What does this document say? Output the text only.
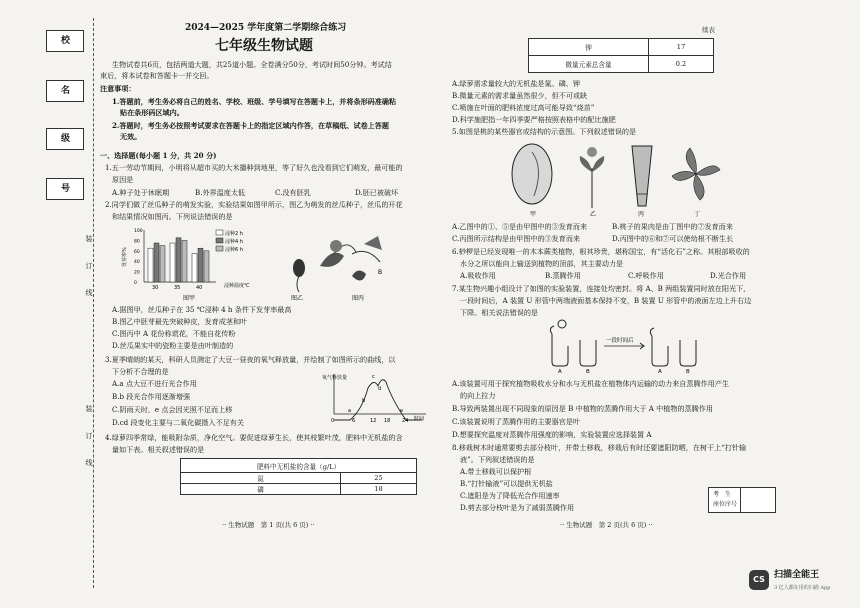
校
名
级
号
装
订
线
装
订
线
2024—2025 学年度第二学期综合练习
七年级生物试题
生物试卷共6页，包括两道大题，共25道小题。全卷满分50分，考试时间50分钟。考试结
束后，将本试卷和答题卡一并交回。
注意事项：
1.答题前，考生务必将自己的姓名、学校、班级、学号填写在答题卡上，并将条形码准确粘
贴在条形码区域内。
2.答题时，考生务必按照考试要求在答题卡上的指定区域内作答，在草稿纸、试卷上答题
无效。
一、选择题(每小题 1 分，共 20 分)
1.五一劳动节期间，小明将从超市买的大米播种到地里，等了好久也没看到它们萌发，最可能的
原因是
A.种子处于休眠期	B.外界温度太低	C.没有胚乳	D.胚已被破坏
2.同学们做了丝瓜种子的萌发实验，实验结果如图甲所示，图乙为萌发的丝瓜种子，丝瓜的开花
和结果情况如图丙。下列说法错误的是
100
80
60
40
20
0
30	35	40
发芽率%
浸种温度℃
浸种2 h
浸种4 h
浸种6 h
图甲	图乙
B
图丙
A.据图甲，丝瓜种子在 35 ℃浸种 4 h 条件下发芽率最高
B.图乙中胚芽最先突破种皮，发育成茎和叶
C.图丙中 A 花份称谎花，不能自花传粉
D.丝瓜果实中的瓷粉主要是由叶制造的
3.夏季晴朗的某天，科研人员测定了大豆一昼夜的氧气释放量，并绘制了如图所示的曲线，以
下分析不合理的是
A.a 点大豆不进行光合作用
B.b 段光合作用逐渐增强
C.阴雨天时，e 点会因光照不足而上移
D.cd 段变化主要与二氧化碳摄入不足有关
氧气释放量
0	6	12 18 24 时间
a
b
c
d
e
4.绿萝四季常绿，能吸附杂质，净化空气。要促进绿萝生长，使其枝繁叶茂，肥料中无机盐的含
量如下表。相关叙述错误的是
肥料中无机盐的含量（g/L）	
氮	25
磷	18
·· 生物试题　第 1 页(共 6 页) ··
续表
钾	17
微量元素总含量	0.2
A.绿萝需求量较大的无机盐是氮、磷、钾
B.微量元素的需求量虽然很少，但不可或缺
C.喷施在叶面的肥料浓度过高可能导致“烧苗”
D.科学施肥指一年四季要严格按照表格中的配比施肥
5.如图是桃的某些器官或结构的示意图。下列叙述错误的是
甲	乙	丙	丁
A.乙图中的①、⑤是由甲图中的③发育而来	B.桃子的果肉是由丁图中的⑦发育而来
C.丙图所示结构是由甲图中的③发育而来	D.丙图中的⑥和⑦可以使幼根不断生长
6.桫椤是已经发现唯一的木本蕨类植物，根其珍贵，堪称国宝，有“活化石”之称。其根部吸收的
水分之所以能向上输送到植物的顶部，其主要动力是
A.吸收作用	B.蒸腾作用	C.呼吸作用	D.光合作用
7.某生物兴趣小组设计了如图的实验装置，连接处均密封。将 A、B 两组装置同时放在阳光下，
一段时间后，A 装置 U 形管中两端液面基本保持不变，B 装置 U 形管中的液面左边上升右边
下降。相关说法错误的是
一段时间后
A	B	A	B
A.该装置可用于探究植物吸收水分和水与无机盐在植物体内运输的动力来自蒸腾作用产生
的向上拉力
B.导致两装置出现不同现象的原因是 B 中植物的蒸腾作用大于 A 中植物的蒸腾作用
C.该装置说明了蒸腾作用的主要器官是叶
D.想要探究温度对蒸腾作用强度的影响，实验装置应选择装置 A
8.移栽树木时通常要剪去部分枝叶，并带土移栽，移栽后有时还要遮阳防晒，在树干上“打针输
液”。下列叙述错误的是
A.带土移栽可以保护根
B.“打针输液”可以提供无机盐
C.遮阳是为了降低光合作用速率
D.剪去部分枝叶是为了减弱蒸腾作用
考　生
座位序号
·· 生物试题　第 2 页(共 6 页) ··
CS	扫描全能王
3 亿人都在用的扫描 App
